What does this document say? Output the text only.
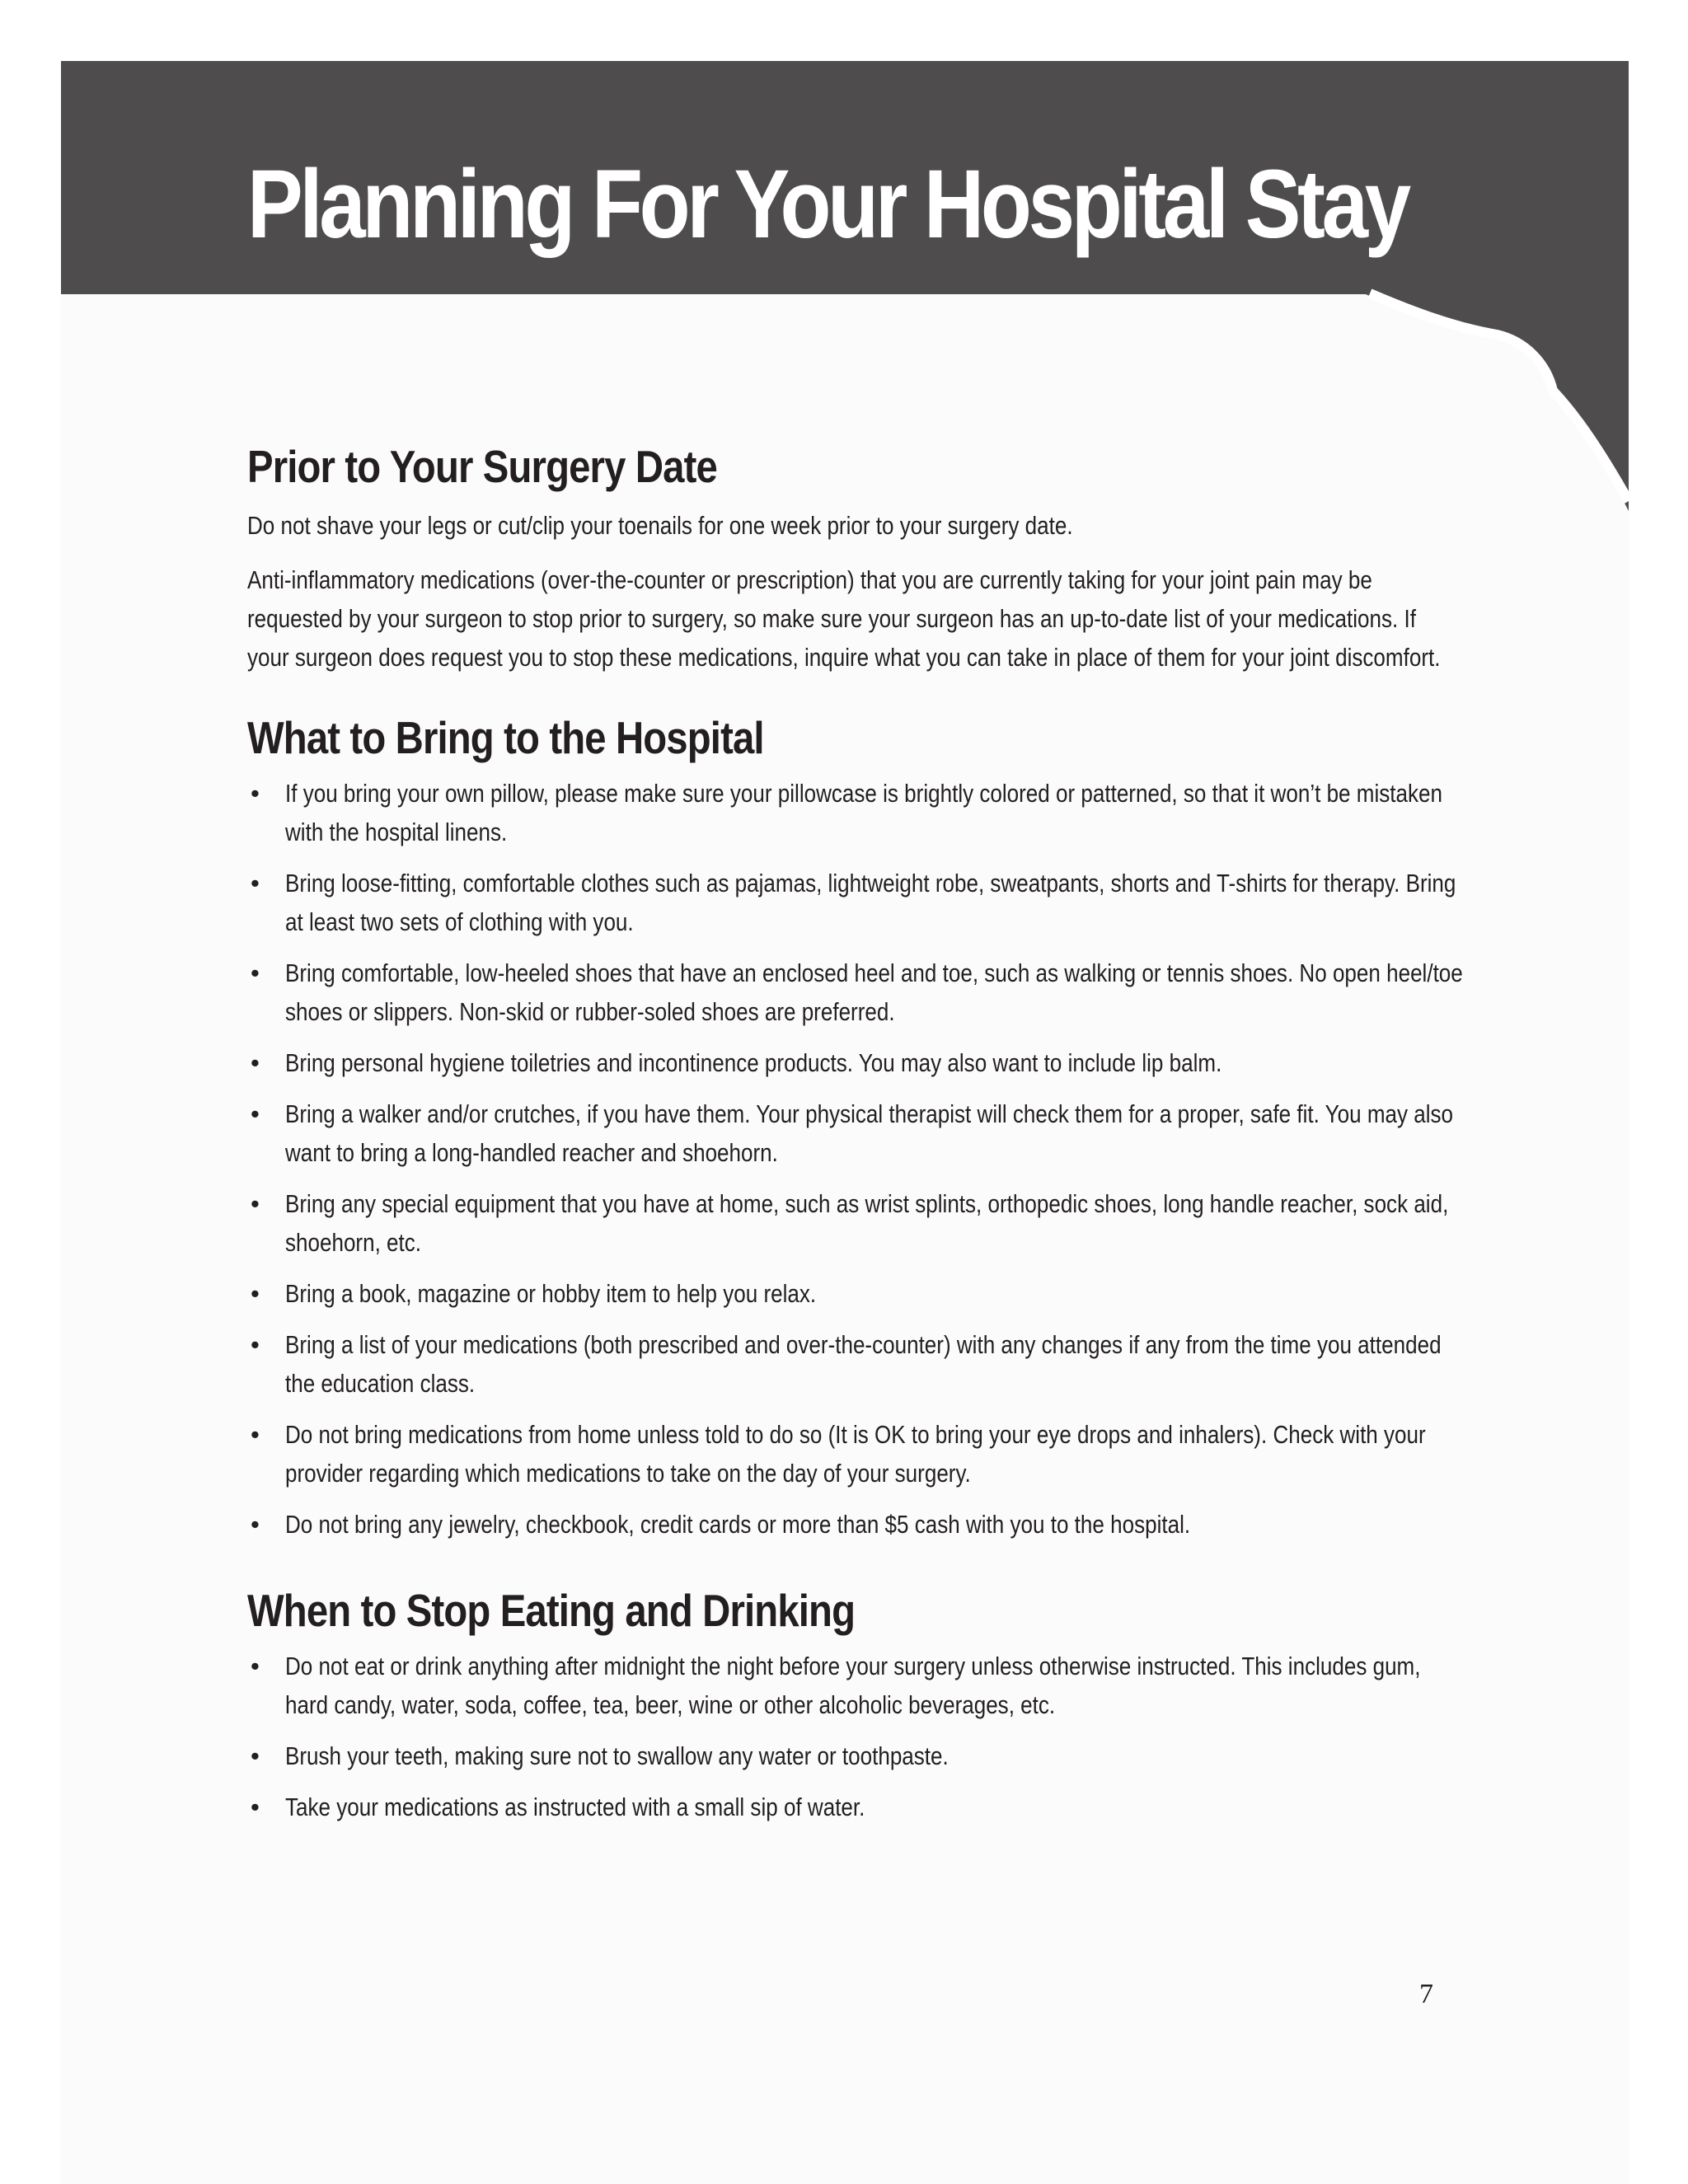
Planning For Your Hospital Stay
Prior to Your Surgery Date

Do not shave your legs or cut/clip your toenails for one week prior to your surgery date.

Anti-inflammatory medications (over-the-counter or prescription) that you are currently taking for your joint pain may be requested by your surgeon to stop prior to surgery, so make sure your surgeon has an up-to-date list of your medications. If your surgeon does request you to stop these medications, inquire what you can take in place of them for your joint discomfort.

What to Bring to the Hospital
• If you bring your own pillow, please make sure your pillowcase is brightly colored or patterned, so that it won’t be mistaken with the hospital linens.
• Bring loose-fitting, comfortable clothes such as pajamas, lightweight robe, sweatpants, shorts and T-shirts for therapy. Bring at least two sets of clothing with you.
• Bring comfortable, low-heeled shoes that have an enclosed heel and toe, such as walking or tennis shoes. No open heel/toe shoes or slippers. Non-skid or rubber-soled shoes are preferred.
• Bring personal hygiene toiletries and incontinence products. You may also want to include lip balm.
• Bring a walker and/or crutches, if you have them. Your physical therapist will check them for a proper, safe fit. You may also want to bring a long-handled reacher and shoehorn.
• Bring any special equipment that you have at home, such as wrist splints, orthopedic shoes, long handle reacher, sock aid, shoehorn, etc.
• Bring a book, magazine or hobby item to help you relax.
• Bring a list of your medications (both prescribed and over-the-counter) with any changes if any from the time you attended the education class.
• Do not bring medications from home unless told to do so (It is OK to bring your eye drops and inhalers). Check with your provider regarding which medications to take on the day of your surgery.
• Do not bring any jewelry, checkbook, credit cards or more than $5 cash with you to the hospital.
When to Stop Eating and Drinking
• Do not eat or drink anything after midnight the night before your surgery unless otherwise instructed. This includes gum, hard candy, water, soda, coffee, tea, beer, wine or other alcoholic beverages, etc.
• Brush your teeth, making sure not to swallow any water or toothpaste.
• Take your medications as instructed with a small sip of water.

7
